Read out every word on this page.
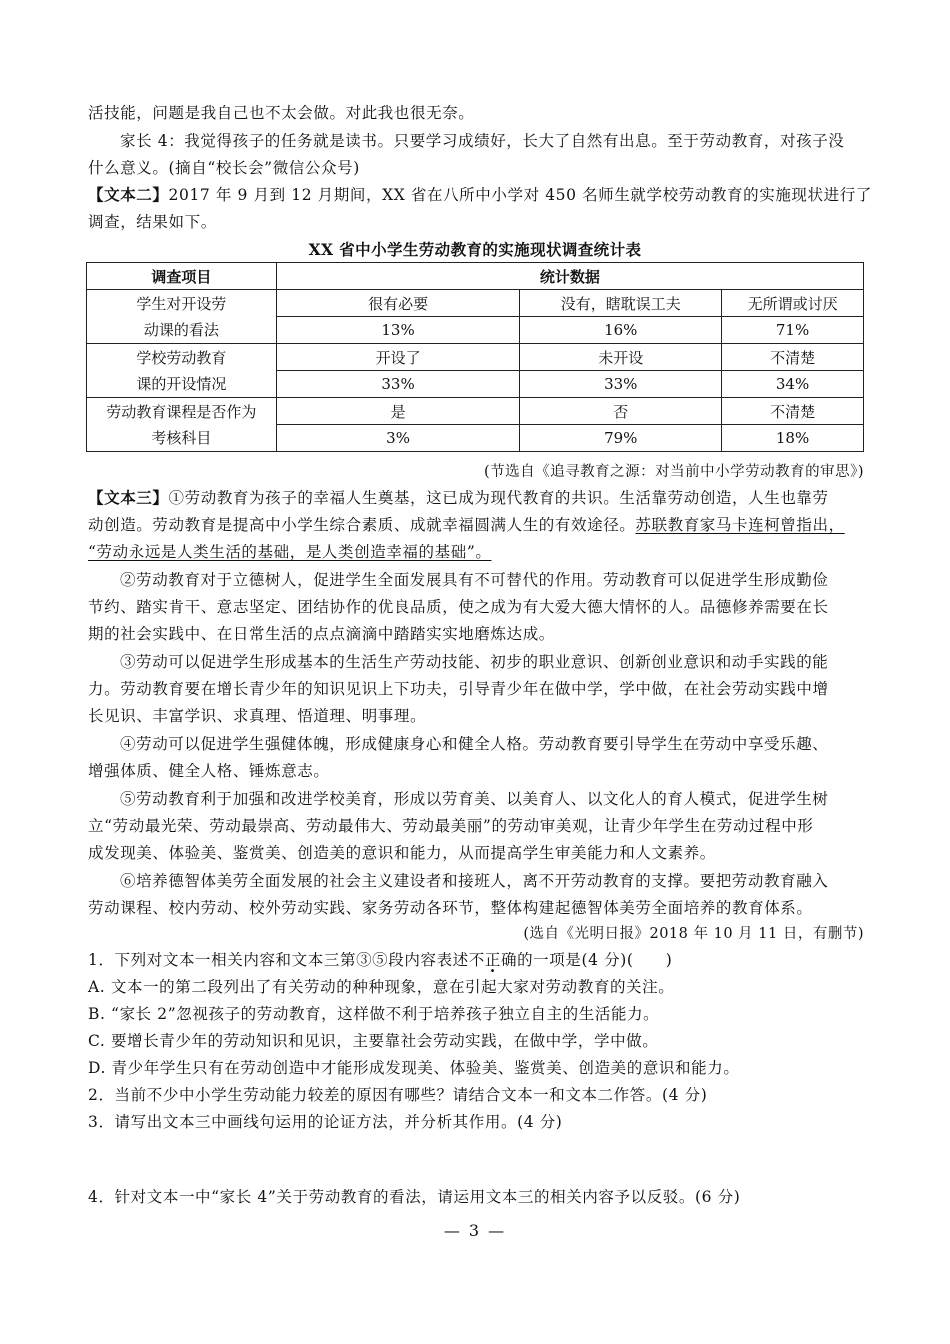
活技能，问题是我自己也不太会做。对此我也很无奈。
家长 4：我觉得孩子的任务就是读书。只要学习成绩好，长大了自然有出息。至于劳动教育，对孩子没
什么意义。(摘自“校长会”微信公众号)
【文本二】2017 年 9 月到 12 月期间，XX 省在八所中小学对 450 名师生就学校劳动教育的实施现状进行了
调查，结果如下。
XX 省中小学生劳动教育的实施现状调查统计表
调查项目	统计数据		
学生对开设劳
动课的看法	很有必要	没有，瞎耽误工夫	无所谓或讨厌
	13%	16%	71%
学校劳动教育
课的开设情况	开设了	未开设	不清楚
	33%	33%	34%
劳动教育课程是否作为
考核科目	是	否	不清楚
	3%	79%	18%
(节选自《追寻教育之源：对当前中小学劳动教育的审思》)
【文本三】①劳动教育为孩子的幸福人生奠基，这已成为现代教育的共识。生活靠劳动创造，人生也靠劳
动创造。劳动教育是提高中小学生综合素质、成就幸福圆满人生的有效途径。苏联教育家马卡连柯曾指出，
“劳动永远是人类生活的基础，是人类创造幸福的基础”。
②劳动教育对于立德树人，促进学生全面发展具有不可替代的作用。劳动教育可以促进学生形成勤俭
节约、踏实肯干、意志坚定、团结协作的优良品质，使之成为有大爱大德大情怀的人。品德修养需要在长
期的社会实践中、在日常生活的点点滴滴中踏踏实实地磨炼达成。
③劳动可以促进学生形成基本的生活生产劳动技能、初步的职业意识、创新创业意识和动手实践的能
力。劳动教育要在增长青少年的知识见识上下功夫，引导青少年在做中学，学中做，在社会劳动实践中增
长见识、丰富学识、求真理、悟道理、明事理。
④劳动可以促进学生强健体魄，形成健康身心和健全人格。劳动教育要引导学生在劳动中享受乐趣、
增强体质、健全人格、锤炼意志。
⑤劳动教育利于加强和改进学校美育，形成以劳育美、以美育人、以文化人的育人模式，促进学生树
立“劳动最光荣、劳动最崇高、劳动最伟大、劳动最美丽”的劳动审美观，让青少年学生在劳动过程中形
成发现美、体验美、鉴赏美、创造美的意识和能力，从而提高学生审美能力和人文素养。
⑥培养德智体美劳全面发展的社会主义建设者和接班人，离不开劳动教育的支撑。要把劳动教育融入
劳动课程、校内劳动、校外劳动实践、家务劳动各环节，整体构建起德智体美劳全面培养的教育体系。
(选自《光明日报》2018 年 10 月 11 日，有删节)
1．下列对文本一相关内容和文本三第③⑤段内容表述不正确的一项是(4 分)(　　)
A. 文本一的第二段列出了有关劳动的种种现象，意在引起大家对劳动教育的关注。
B. “家长 2”忽视孩子的劳动教育，这样做不利于培养孩子独立自主的生活能力。
C. 要增长青少年的劳动知识和见识，主要靠社会劳动实践，在做中学，学中做。
D. 青少年学生只有在劳动创造中才能形成发现美、体验美、鉴赏美、创造美的意识和能力。
2．当前不少中小学生劳动能力较差的原因有哪些？请结合文本一和文本二作答。(4 分)
3．请写出文本三中画线句运用的论证方法，并分析其作用。(4 分)
4．针对文本一中“家长 4”关于劳动教育的看法，请运用文本三的相关内容予以反驳。(6 分)
— 3 —
